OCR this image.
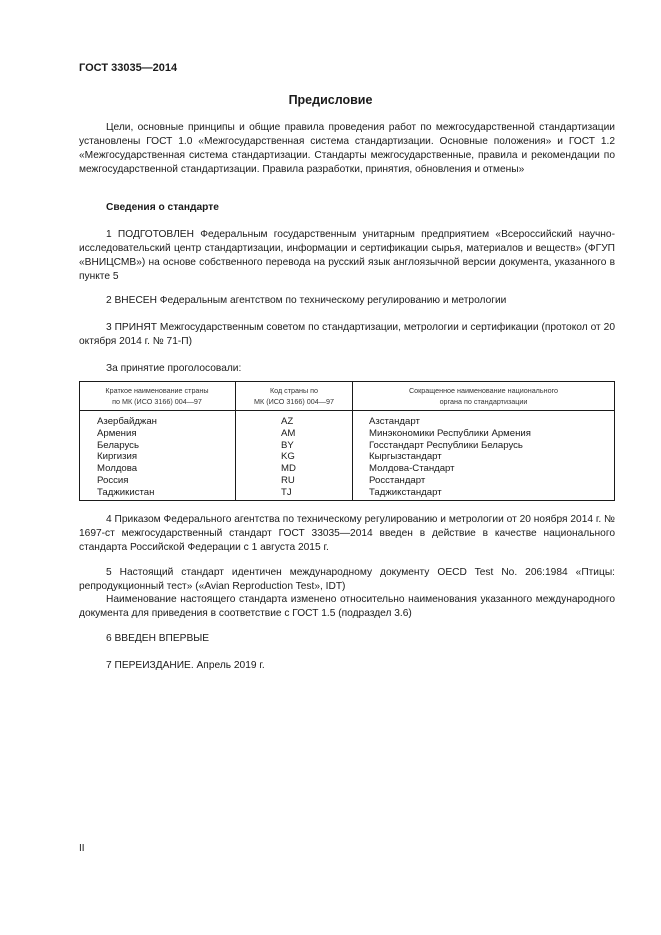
ГОСТ 33035—2014
Предисловие

Цели, основные принципы и общие правила проведения работ по межгосударственной стандартизации установлены ГОСТ 1.0 «Межгосударственная система стандартизации. Основные положения» и ГОСТ 1.2 «Межгосударственная система стандартизации. Стандарты межгосударственные, правила и рекомендации по межгосударственной стандартизации. Правила разработки, принятия, обновления и отмены»

Сведения о стандарте

1 ПОДГОТОВЛЕН Федеральным государственным унитарным предприятием «Всероссийский научно-исследовательский центр стандартизации, информации и сертификации сырья, материалов и веществ» (ФГУП «ВНИЦСМВ») на основе собственного перевода на русский язык англоязычной версии документа, указанного в пункте 5

2 ВНЕСЕН Федеральным агентством по техническому регулированию и метрологии

3 ПРИНЯТ Межгосударственным советом по стандартизации, метрологии и сертификации (протокол от 20 октября 2014 г. № 71-П)

За принятие проголосовали:

Краткое наименование страны
по МК (ИСО 3166) 004—97
Код страны по
МК (ИСО 3166) 004—97
Сокращенное наименование национального
органа по стандартизации
Азербайджан
Армения
Беларусь
Киргизия
Молдова
Россия
Таджикистан
AZ
AM
BY
KG
MD
RU
TJ
Азстандарт
Минэкономики Республики Армения
Госстандарт Республики Беларусь
Кыргызстандарт
Молдова-Стандарт
Росстандарт
Таджикстандарт

4 Приказом Федерального агентства по техническому регулированию и метрологии от 20 ноября 2014 г. № 1697-ст межгосударственный стандарт ГОСТ 33035—2014 введен в действие в качестве национального стандарта Российской Федерации с 1 августа 2015 г.

5 Настоящий стандарт идентичен международному документу OECD Test No. 206:1984 «Птицы: репродукционный тест» («Avian Reproduction Test», IDT)

Наименование настоящего стандарта изменено относительно наименования указанного международного документа для приведения в соответствие с ГОСТ 1.5 (подраздел 3.6)

6 ВВЕДЕН ВПЕРВЫЕ

7 ПЕРЕИЗДАНИЕ. Апрель 2019 г.

II
